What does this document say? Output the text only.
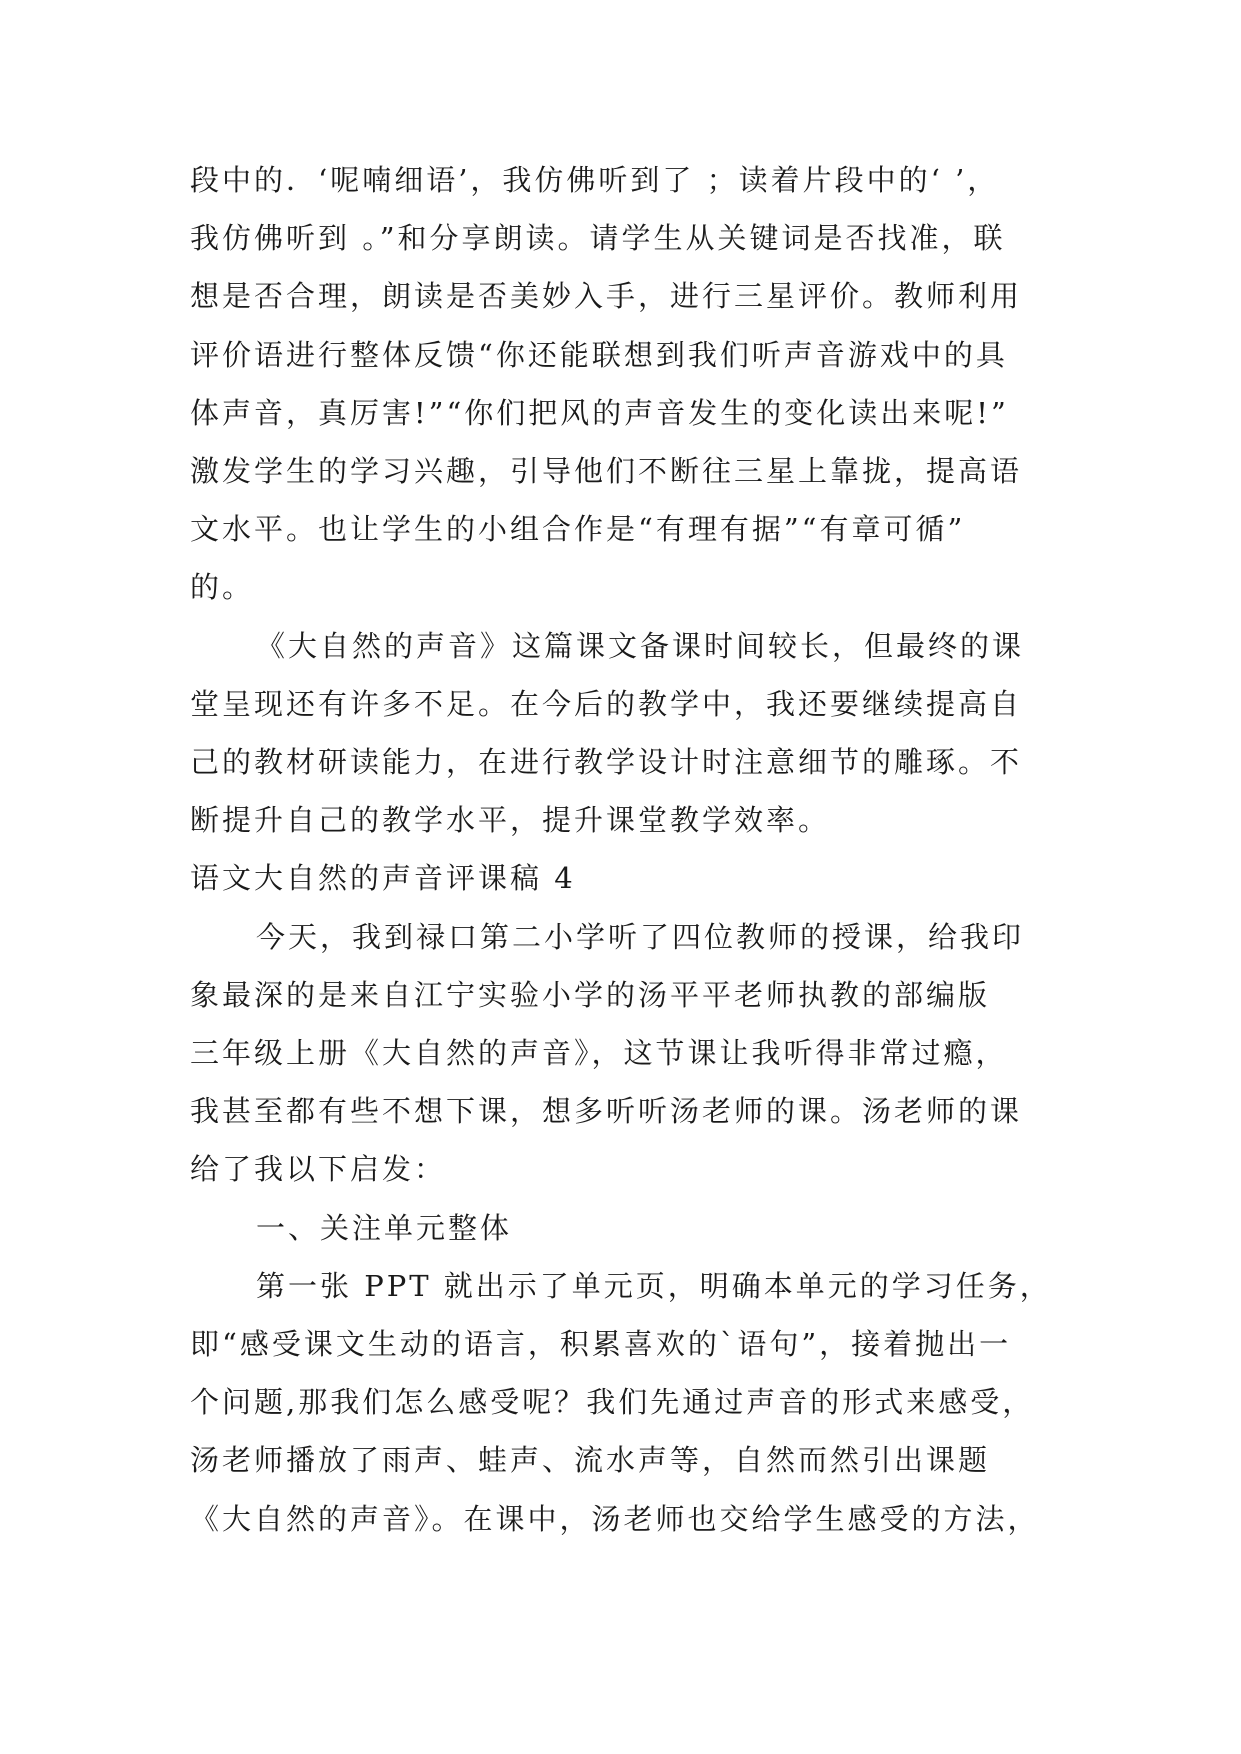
段中的．‘呢喃细语’，我仿佛听到了 ；读着片段中的‘ ’，
我仿佛听到 。”和分享朗读。请学生从关键词是否找准，联
想是否合理，朗读是否美妙入手，进行三星评价。教师利用
评价语进行整体反馈“你还能联想到我们听声音游戏中的具
体声音，真厉害!”“你们把风的声音发生的变化读出来呢!”
激发学生的学习兴趣，引导他们不断往三星上靠拢，提高语
文水平。也让学生的小组合作是“有理有据”“有章可循”
的。
《大自然的声音》这篇课文备课时间较长，但最终的课
堂呈现还有许多不足。在今后的教学中，我还要继续提高自
己的教材研读能力，在进行教学设计时注意细节的雕琢。不
断提升自己的教学水平，提升课堂教学效率。
语文大自然的声音评课稿 4
今天，我到禄口第二小学听了四位教师的授课，给我印
象最深的是来自江宁实验小学的汤平平老师执教的部编版
三年级上册《大自然的声音》，这节课让我听得非常过瘾，
我甚至都有些不想下课，想多听听汤老师的课。汤老师的课
给了我以下启发：
一、关注单元整体
第一张 PPT 就出示了单元页，明确本单元的学习任务，
即“感受课文生动的语言，积累喜欢的`语句”，接着抛出一
个问题,那我们怎么感受呢？我们先通过声音的形式来感受，
汤老师播放了雨声、蛙声、流水声等，自然而然引出课题
《大自然的声音》。在课中，汤老师也交给学生感受的方法，
